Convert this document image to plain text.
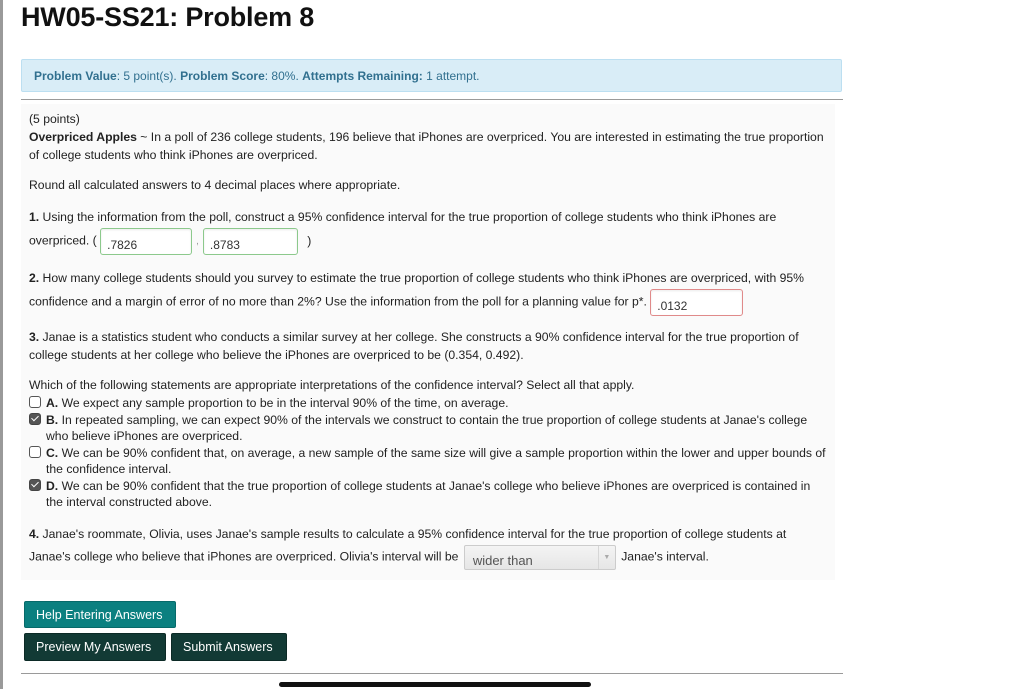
HW05-SS21: Problem 8
Problem Value: 5 point(s). Problem Score: 80%. Attempts Remaining: 1 attempt.

(5 points)

Overpriced Apples ~ In a poll of 236 college students, 196 believe that iPhones are overpriced. You are interested in estimating the true proportion of college students who think iPhones are overpriced.

Round all calculated answers to 4 decimal places where appropriate.

1. Using the information from the poll, construct a 95% confidence interval for the true proportion of college students who think iPhones are overpriced. ( .7826	, .8783	)

2. How many college students should you survey to estimate the true proportion of college students who think iPhones are overpriced, with 95% confidence and a margin of error of no more than 2%? Use the information from the poll for a planning value for p*. .0132

3. Janae is a statistics student who conducts a similar survey at her college. She constructs a 90% confidence interval for the true proportion of college students at her college who believe the iPhones are overpriced to be (0.354, 0.492).

Which of the following statements are appropriate interpretations of the confidence interval? Select all that apply.

A. We expect any sample proportion to be in the interval 90% of the time, on average.
B. In repeated sampling, we can expect 90% of the intervals we construct to contain the true proportion of college students at Janae's college who believe iPhones are overpriced.
C. We can be 90% confident that, on average, a new sample of the same size will give a sample proportion within the lower and upper bounds of the confidence interval.
D. We can be 90% confident that the true proportion of college students at Janae's college who believe iPhones are overpriced is contained in the interval constructed above.

4. Janae's roommate, Olivia, uses Janae's sample results to calculate a 95% confidence interval for the true proportion of college students at Janae's college who believe that iPhones are overpriced. Olivia's interval will be wider than	▼ Janae's interval.

Help Entering Answers
Preview My Answers	Submit Answers
